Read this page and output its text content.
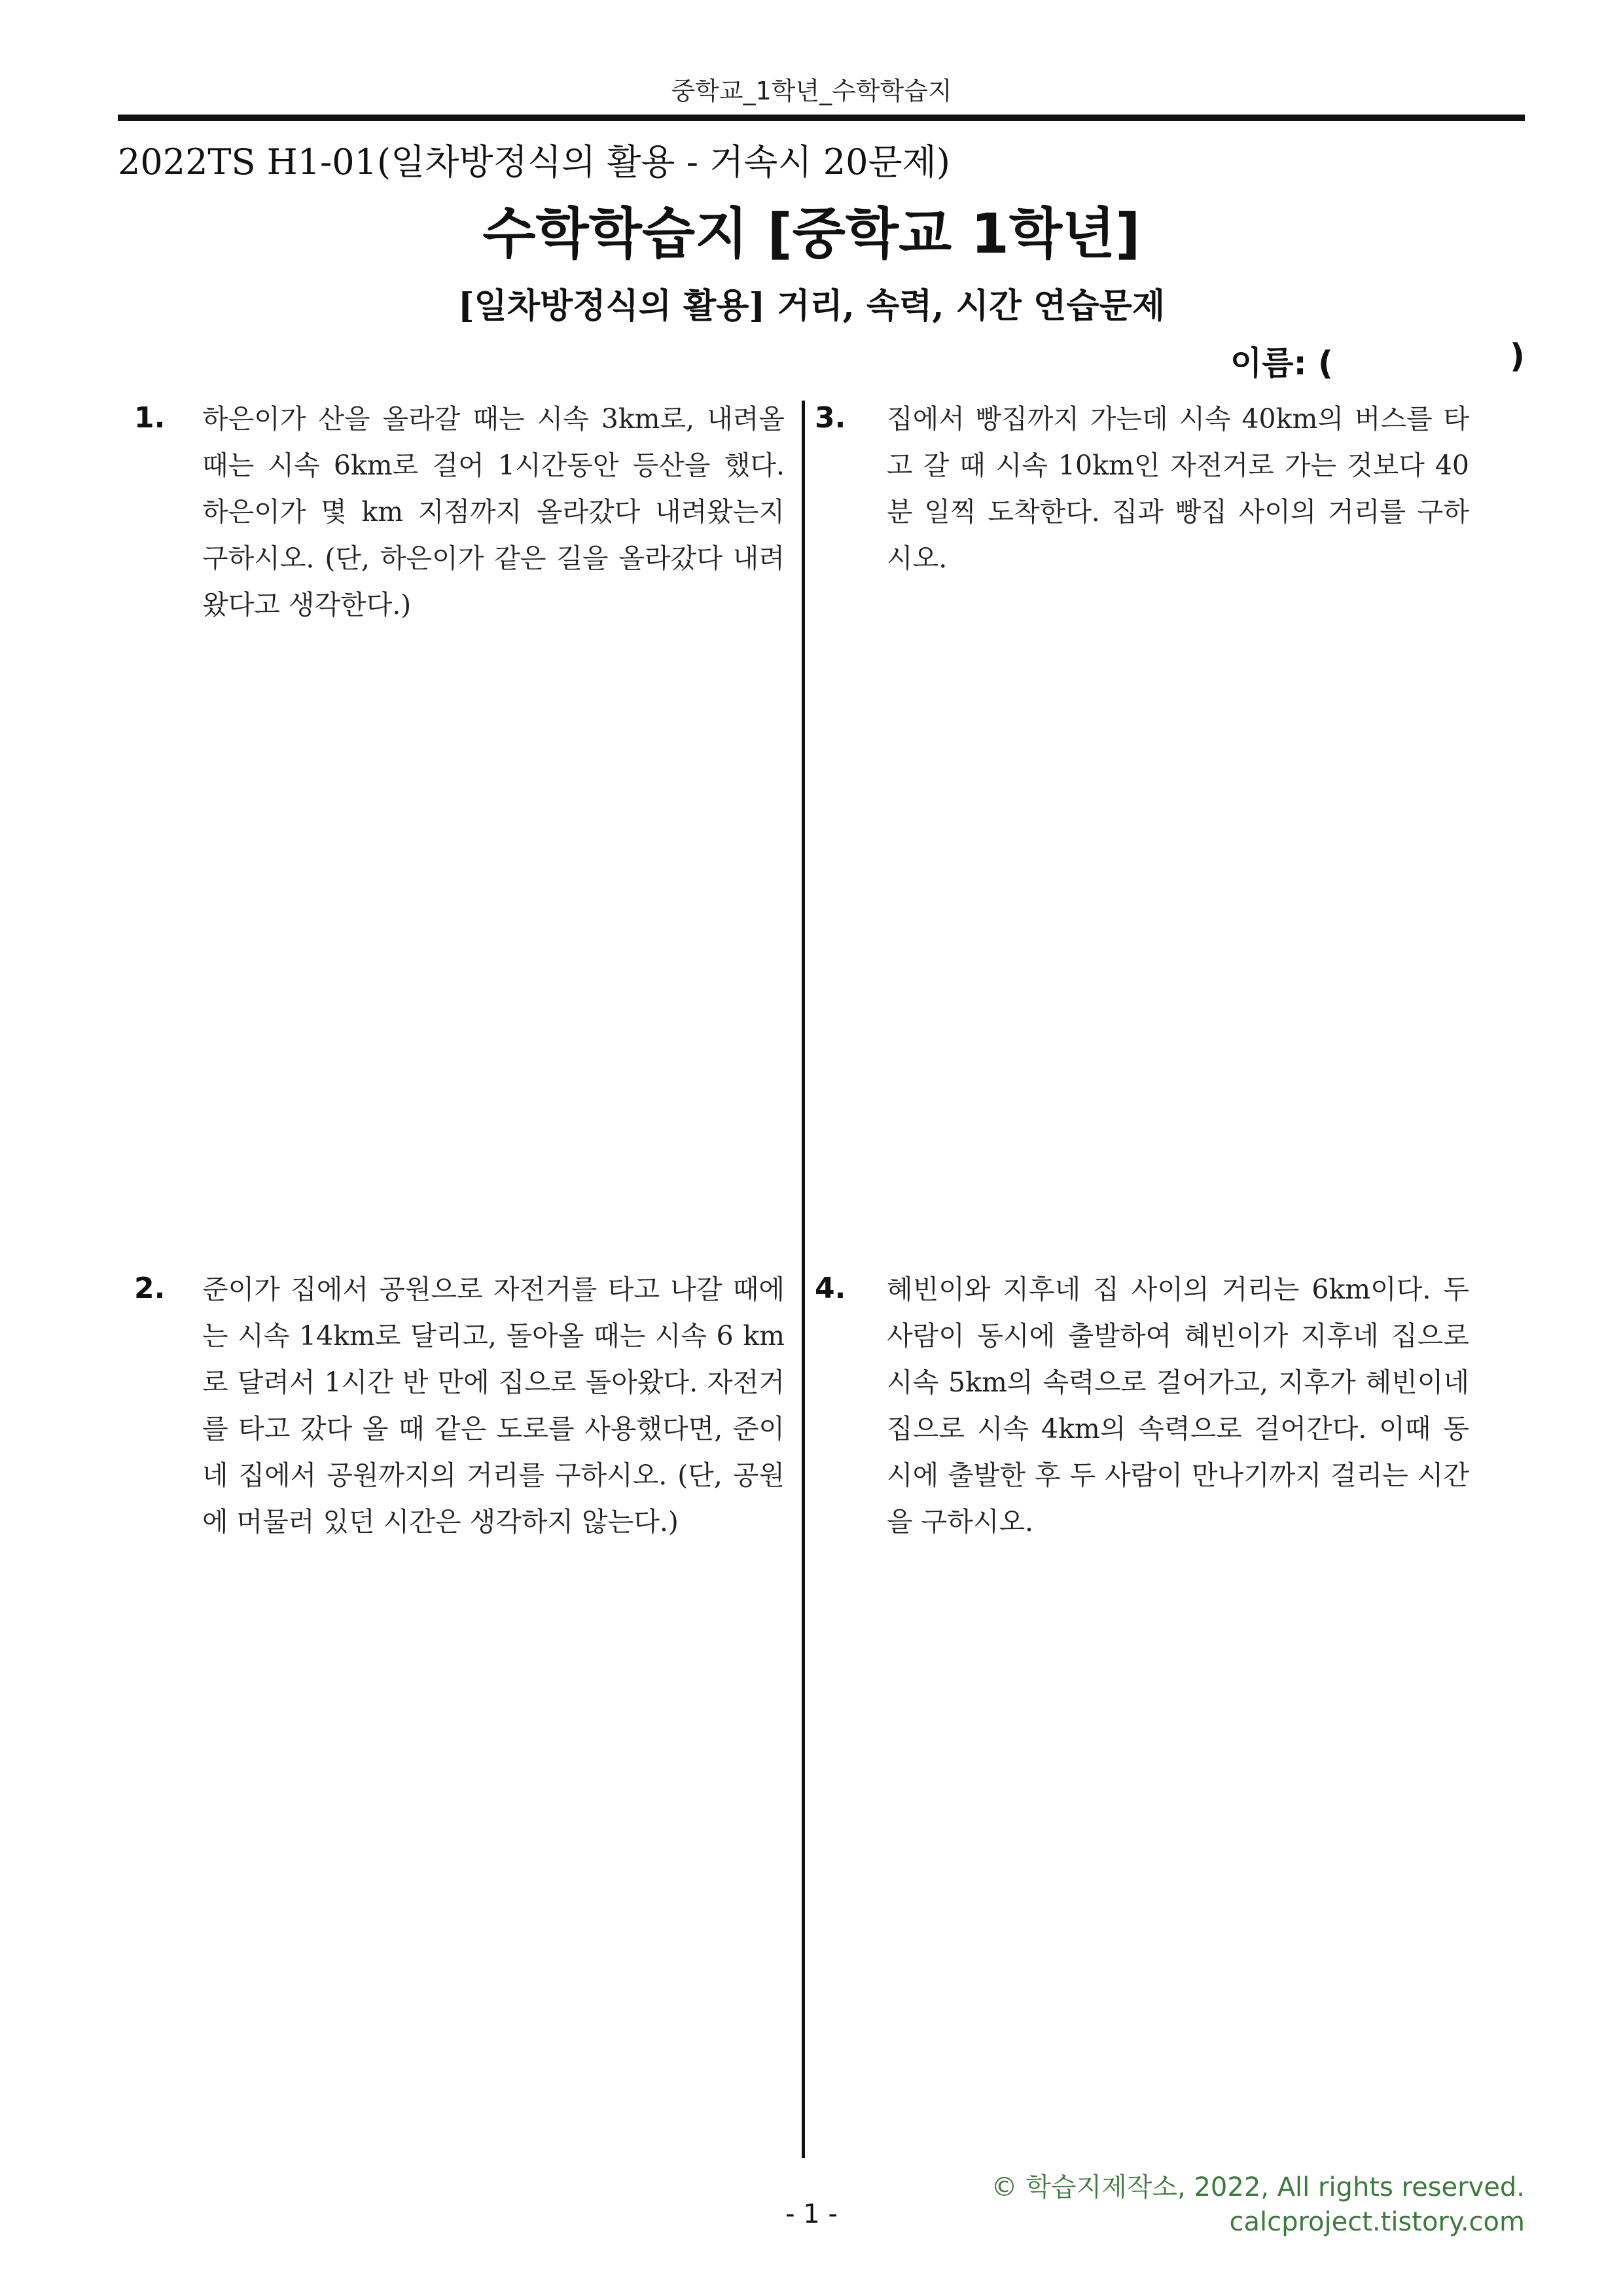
중학교_1학년_수학학습지
2022TS H1-01(일차방정식의 활용 - 거속시 20문제)
수학학습지 [중학교 1학년]
[일차방정식의 활용] 거리, 속력, 시간 연습문제
이름: (	)
1. 하은이가 산을 올라갈 때는 시속 3km로, 내려올 때는 시속 6km로 걸어 1시간동안 등산을 했다. 하은이가 몇 km 지점까지 올라갔다 내려왔는지 구하시오. (단, 하은이가 같은 길을 올라갔다 내려왔다고 생각한다.)
2. 준이가 집에서 공원으로 자전거를 타고 나갈 때에는 시속 14km로 달리고, 돌아올 때는 시속 6 km로 달려서 1시간 반 만에 집으로 돌아왔다. 자전거를 타고 갔다 올 때 같은 도로를 사용했다면, 준이네 집에서 공원까지의 거리를 구하시오. (단, 공원에 머물러 있던 시간은 생각하지 않는다.)
3. 집에서 빵집까지 가는데 시속 40km의 버스를 타고 갈 때 시속 10km인 자전거로 가는 것보다 40분 일찍 도착한다. 집과 빵집 사이의 거리를 구하시오.
4. 혜빈이와 지후네 집 사이의 거리는 6km이다. 두 사람이 동시에 출발하여 혜빈이가 지후네 집으로 시속 5km의 속력으로 걸어가고, 지후가 혜빈이네 집으로 시속 4km의 속력으로 걸어간다. 이때 동시에 출발한 후 두 사람이 만나기까지 걸리는 시간을 구하시오.
© 학습지제작소, 2022, All rights reserved.
calcproject.tistory.com
- 1 -
